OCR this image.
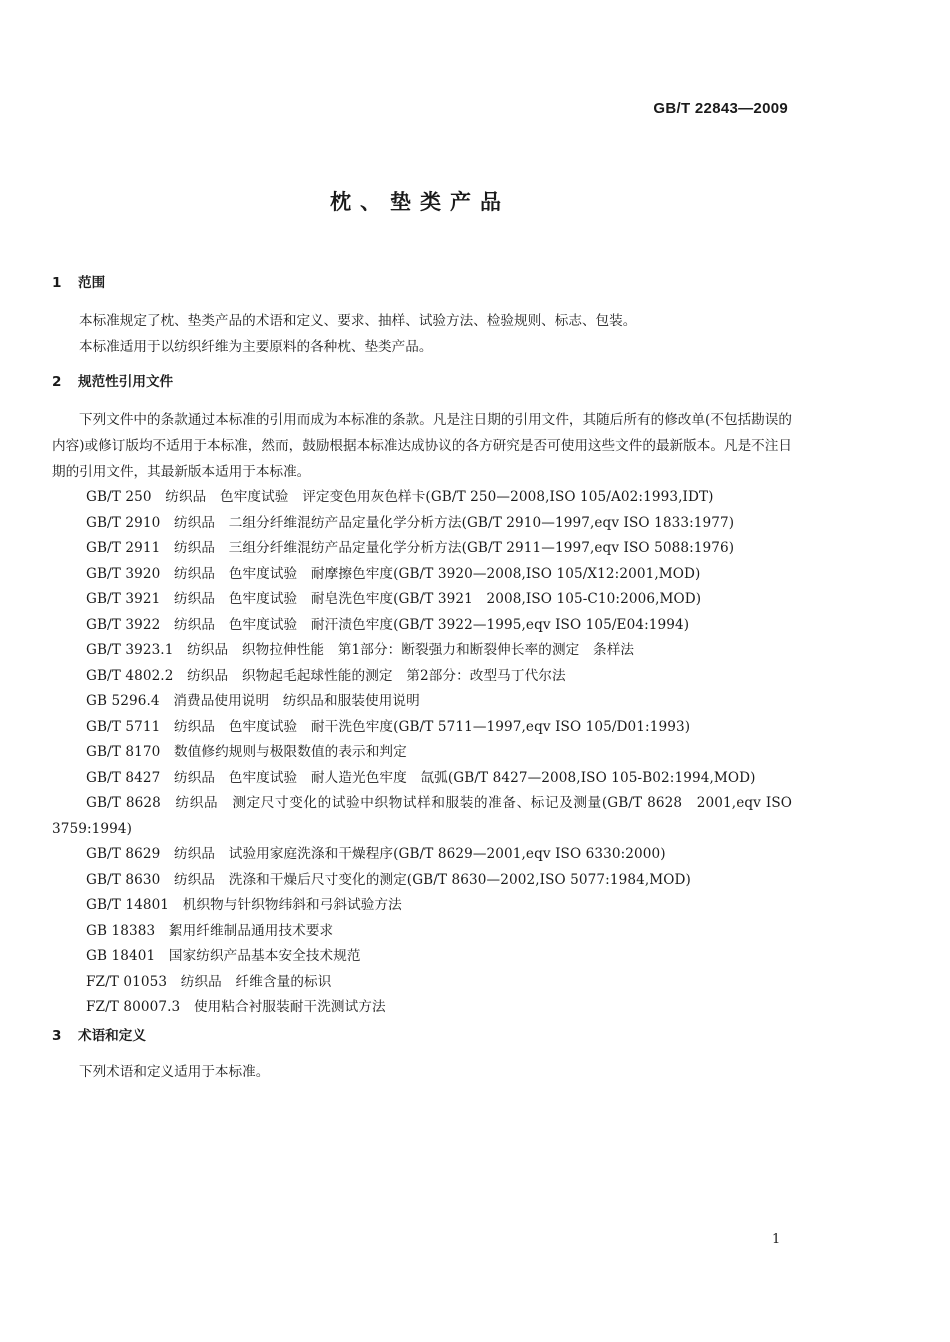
GB/T 22843—2009
枕、垫类产品
1 范围

本标准规定了枕、垫类产品的术语和定义、要求、抽样、试验方法、检验规则、标志、包装。

本标准适用于以纺织纤维为主要原料的各种枕、垫类产品。

2 规范性引用文件

下列文件中的条款通过本标准的引用而成为本标准的条款。凡是注日期的引用文件，其随后所有的修改单(不包括勘误的内容)或修订版均不适用于本标准，然而，鼓励根据本标准达成协议的各方研究是否可使用这些文件的最新版本。凡是不注日期的引用文件，其最新版本适用于本标准。

GB/T 250　纺织品　色牢度试验　评定变色用灰色样卡(GB/T 250—2008,ISO 105/A02:1993,IDT)

GB/T 2910　纺织品　二组分纤维混纺产品定量化学分析方法(GB/T 2910—1997,eqv ISO 1833:1977)

GB/T 2911　纺织品　三组分纤维混纺产品定量化学分析方法(GB/T 2911—1997,eqv ISO 5088:1976)

GB/T 3920　纺织品　色牢度试验　耐摩擦色牢度(GB/T 3920—2008,ISO 105/X12:2001,MOD)

GB/T 3921　纺织品　色牢度试验　耐皂洗色牢度(GB/T 3921　2008,ISO 105-C10:2006,MOD)

GB/T 3922　纺织品　色牢度试验　耐汗渍色牢度(GB/T 3922—1995,eqv ISO 105/E04:1994)

GB/T 3923.1　纺织品　织物拉伸性能　第1部分：断裂强力和断裂伸长率的测定　条样法

GB/T 4802.2　纺织品　织物起毛起球性能的测定　第2部分：改型马丁代尔法

GB 5296.4　消费品使用说明　纺织品和服装使用说明

GB/T 5711　纺织品　色牢度试验　耐干洗色牢度(GB/T 5711—1997,eqv ISO 105/D01:1993)

GB/T 8170　数值修约规则与极限数值的表示和判定

GB/T 8427　纺织品　色牢度试验　耐人造光色牢度　氙弧(GB/T 8427—2008,ISO 105-B02:1994,MOD)

GB/T 8628　纺织品　测定尺寸变化的试验中织物试样和服装的准备、标记及测量(GB/T 8628　2001,eqv ISO 3759:1994)

GB/T 8629　纺织品　试验用家庭洗涤和干燥程序(GB/T 8629—2001,eqv ISO 6330:2000)

GB/T 8630　纺织品　洗涤和干燥后尺寸变化的测定(GB/T 8630—2002,ISO 5077:1984,MOD)

GB/T 14801　机织物与针织物纬斜和弓斜试验方法

GB 18383　絮用纤维制品通用技术要求

GB 18401　国家纺织产品基本安全技术规范

FZ/T 01053　纺织品　纤维含量的标识

FZ/T 80007.3　使用粘合衬服装耐干洗测试方法

3 术语和定义

下列术语和定义适用于本标准。

1
